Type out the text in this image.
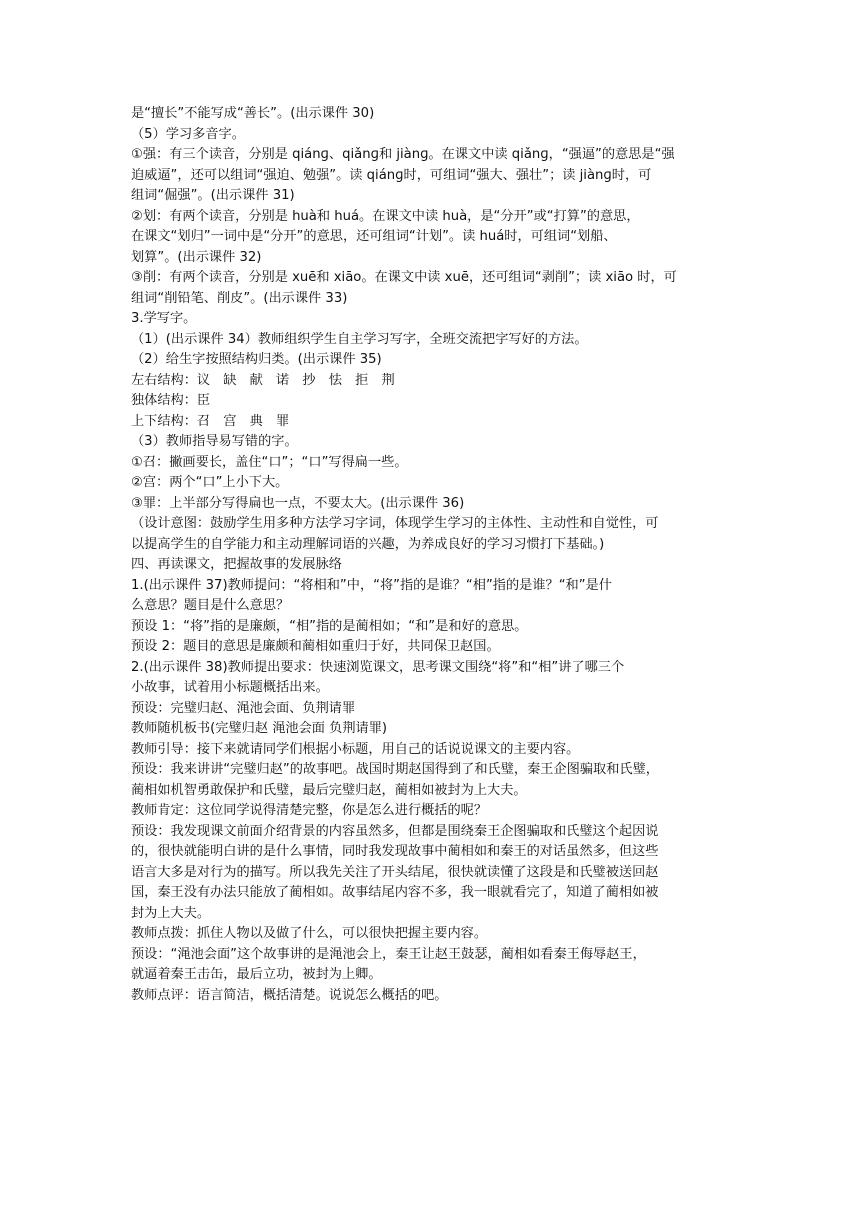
是“擅长”不能写成“善长”。(出示课件 30)
（5）学习多音字。
①强：有三个读音，分别是 qiánɡ、qiǎnɡ和 jiànɡ。在课文中读 qiǎnɡ，“强逼”的意思是“强
迫威逼”，还可以组词“强迫、勉强”。读 qiánɡ时，可组词“强大、强壮”；读 jiànɡ时，可
组词“倔强”。(出示课件 31)
②划：有两个读音，分别是 huà和 huá。在课文中读 huà，是“分开”或“打算”的意思，
在课文“划归”一词中是“分开”的意思，还可组词“计划”。读 huá时，可组词“划船、
划算”。(出示课件 32)
③削：有两个读音，分别是 xuē和 xiāo。在课文中读 xuē，还可组词“剥削”；读 xiāo 时，可
组词“削铅笔、削皮”。(出示课件 33)
3.学写字。
（1）(出示课件 34）教师组织学生自主学习写字，全班交流把字写好的方法。
（2）给生字按照结构归类。(出示课件 35)
左右结构：议　缺　献　诺　抄　怯　拒　荆
独体结构：臣
上下结构：召　宫　典　罪
（3）教师指导易写错的字。
①召：撇画要长，盖住“口”；“口”写得扁一些。
②宫：两个“口”上小下大。
③罪：上半部分写得扁也一点，不要太大。(出示课件 36)
（设计意图：鼓励学生用多种方法学习字词，体现学生学习的主体性、主动性和自觉性，可
以提高学生的自学能力和主动理解词语的兴趣，为养成良好的学习习惯打下基础。)
四、再读课文，把握故事的发展脉络
1.(出示课件 37)教师提问：“将相和”中，“将”指的是谁？“相”指的是谁？“和”是什
么意思？题目是什么意思？
预设 1：“将”指的是廉颇，“相”指的是蔺相如；“和”是和好的意思。
预设 2：题目的意思是廉颇和蔺相如重归于好，共同保卫赵国。
2.(出示课件 38)教师提出要求：快速浏览课文，思考课文围绕“将”和“相”讲了哪三个
小故事，试着用小标题概括出来。
预设：完璧归赵、渑池会面、负荆请罪
教师随机板书(完璧归赵 渑池会面 负荆请罪)
教师引导：接下来就请同学们根据小标题，用自己的话说说课文的主要内容。
预设：我来讲讲“完璧归赵”的故事吧。战国时期赵国得到了和氏璧，秦王企图骗取和氏璧，
蔺相如机智勇敢保护和氏璧，最后完璧归赵，蔺相如被封为上大夫。
教师肯定：这位同学说得清楚完整，你是怎么进行概括的呢？
预设：我发现课文前面介绍背景的内容虽然多，但都是围绕秦王企图骗取和氏璧这个起因说
的，很快就能明白讲的是什么事情，同时我发现故事中蔺相如和秦王的对话虽然多，但这些
语言大多是对行为的描写。所以我先关注了开头结尾，很快就读懂了这段是和氏璧被送回赵
国，秦王没有办法只能放了蔺相如。故事结尾内容不多，我一眼就看完了，知道了蔺相如被
封为上大夫。
教师点拨：抓住人物以及做了什么，可以很快把握主要内容。
预设：“渑池会面”这个故事讲的是渑池会上，秦王让赵王鼓瑟，蔺相如看秦王侮辱赵王，
就逼着秦王击缶，最后立功，被封为上卿。
教师点评：语言简洁，概括清楚。说说怎么概括的吧。
